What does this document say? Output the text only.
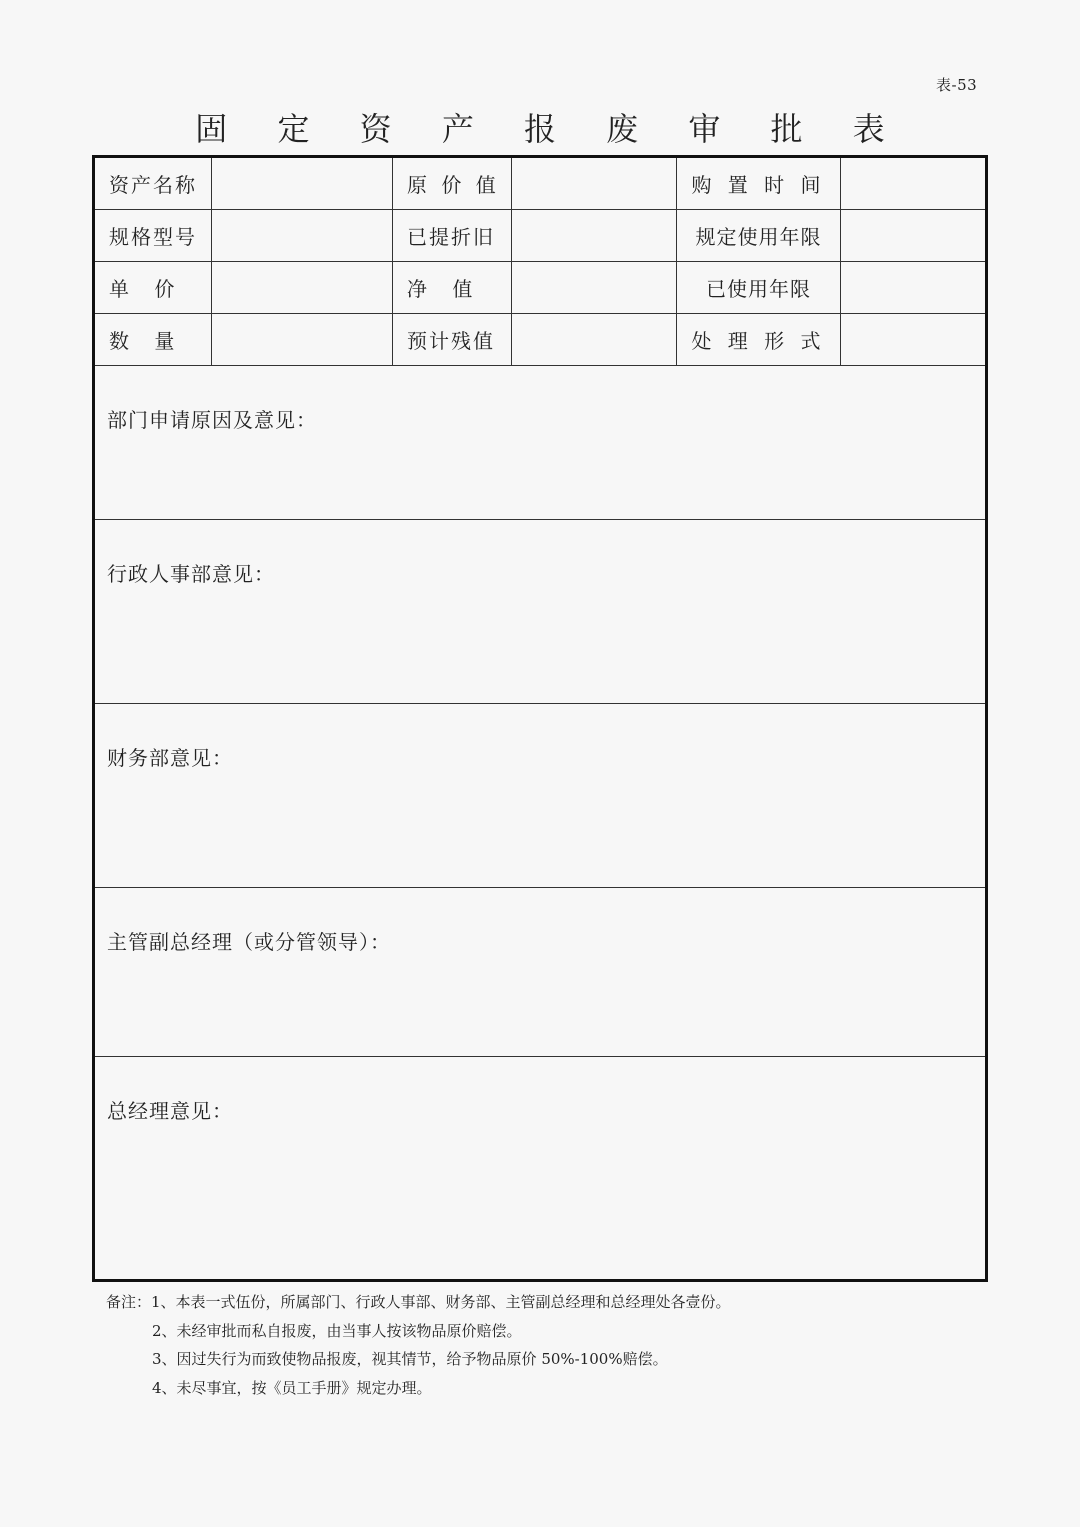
表-53
固 定 资 产 报 废 审 批 表
资产名称	原 价 值	购 置 时 间
规格型号	已提折旧	规定使用年限
单    价	净    值	已使用年限
数    量	预计残值	处 理 形 式
部门申请原因及意见：
行政人事部意见：
财务部意见：
主管副总经理（或分管领导）：
总经理意见：
备注：1、本表一式伍份，所属部门、行政人事部、财务部、主管副总经理和总经理处各壹份。
2、未经审批而私自报废，由当事人按该物品原价赔偿。
3、因过失行为而致使物品报废，视其情节，给予物品原价 50%-100%赔偿。
4、未尽事宜，按《员工手册》规定办理。
